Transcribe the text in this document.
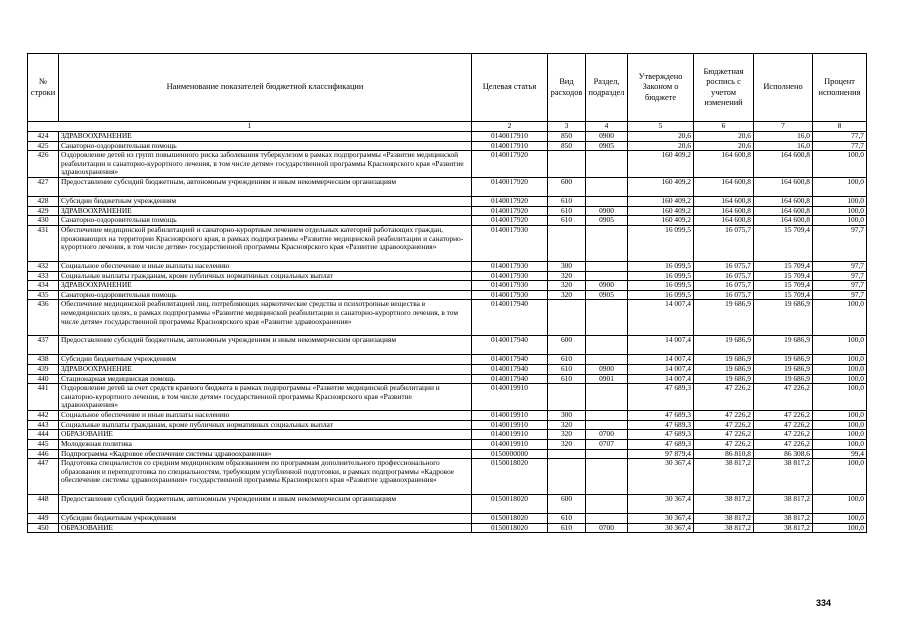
№ строки	Наименование показателей бюджетной классификации	Целевая статья	Вид расходов	Раздел, подраздел	Утверждено Законом о бюджете	Бюджетная роспись с учетом изменений	Исполнено	Процент исполнения
1		2	3	4	5	6	7	8
424	ЗДРАВООХРАНЕНИЕ	0140017910	850	0900	20,6	20,6	16,0	77,7
425	Санаторно-оздоровительная помощь	0140017910	850	0905	20,6	20,6	16,0	77,7
426	Оздоровление детей из групп повышенного риска заболевания туберкулезом в рамках подпрограммы «Развитие медицинской реабилитации и санаторно-курортного лечения, в том числе детям» государственной программы Красноярского края «Развитие здравоохранения»	0140017920			160 409,2	164 600,8	164 600,8	100,0
427	Предоставление субсидий бюджетным, автономным учреждениям и иным некоммерческим организациям	0140017920	600		160 409,2	164 600,8	164 600,8	100,0
428	Субсидии бюджетным учреждениям	0140017920	610		160 409,2	164 600,8	164 600,8	100,0
429	ЗДРАВООХРАНЕНИЕ	0140017920	610	0900	160 409,2	164 600,8	164 600,8	100,0
430	Санаторно-оздоровительная помощь	0140017920	610	0905	160 409,2	164 600,8	164 600,8	100,0
431	Обеспечение медицинской реабилитацией и санаторно-курортным лечением отдельных категорий работающих граждан, проживающих на территории Красноярского края, в рамках подпрограммы «Развитие медицинской реабилитации и санаторно-курортного лечения, в том числе детям» государственной программы Красноярского края «Развитие здравоохранения»	0140017930			16 099,5	16 075,7	15 709,4	97,7
432	Социальное обеспечение и иные выплаты населению	0140017930	300		16 099,5	16 075,7	15 709,4	97,7
433	Социальные выплаты гражданам, кроме публичных нормативных социальных выплат	0140017930	320		16 099,5	16 075,7	15 709,4	97,7
434	ЗДРАВООХРАНЕНИЕ	0140017930	320	0900	16 099,5	16 075,7	15 709,4	97,7
435	Санаторно-оздоровительная помощь	0140017930	320	0905	16 099,5	16 075,7	15 709,4	97,7
436	Обеспечение медицинской реабилитацией лиц, потребляющих наркотические средства и психотропные вещества в немедицинских целях, в рамках подпрограммы «Развитие медицинской реабилитации и санаторно-курортного лечения, в том числе детям» государственной программы Красноярского края «Развитие здравоохранения»	0140017940			14 007,4	19 686,9	19 686,9	100,0
437	Предоставление субсидий бюджетным, автономным учреждениям и иным некоммерческим организациям	0140017940	600		14 007,4	19 686,9	19 686,9	100,0
438	Субсидии бюджетным учреждениям	0140017940	610		14 007,4	19 686,9	19 686,9	100,0
439	ЗДРАВООХРАНЕНИЕ	0140017940	610	0900	14 007,4	19 686,9	19 686,9	100,0
440	Стационарная медицинская помощь	0140017940	610	0901	14 007,4	19 686,9	19 686,9	100,0
441	Оздоровление детей за счет средств краевого бюджета в рамках подпрограммы «Развитие медицинской реабилитации и санаторно-курортного лечения, в том числе детям» государственной программы Красноярского края «Развитие здравоохранения»	0140019910			47 689,3	47 226,2	47 226,2	100,0
442	Социальное обеспечение и иные выплаты населению	0140019910	300		47 689,3	47 226,2	47 226,2	100,0
443	Социальные выплаты гражданам, кроме публичных нормативных социальных выплат	0140019910	320		47 689,3	47 226,2	47 226,2	100,0
444	ОБРАЗОВАНИЕ	0140019910	320	0700	47 689,3	47 226,2	47 226,2	100,0
445	Молодежная политика	0140019910	320	0707	47 689,3	47 226,2	47 226,2	100,0
446	Подпрограмма «Кадровое обеспечение системы здравоохранения»	0150000000			97 879,4	86 810,8	86 308,6	99,4
447	Подготовка специалистов со средним медицинским образованием по программам дополнительного профессионального образования и переподготовка по специальностям, требующим углубленной подготовки, в рамках подпрограммы «Кадровое обеспечение системы здравоохранения» государственной программы Красноярского края «Развитие здравоохранения»	0150018020			30 367,4	38 817,2	38 817,2	100,0
448	Предоставление субсидий бюджетным, автономным учреждениям и иным некоммерческим организациям	0150018020	600		30 367,4	38 817,2	38 817,2	100,0
449	Субсидии бюджетным учреждениям	0150018020	610		30 367,4	38 817,2	38 817,2	100,0
450	ОБРАЗОВАНИЕ	0150018020	610	0700	30 367,4	38 817,2	38 817,2	100,0
334
